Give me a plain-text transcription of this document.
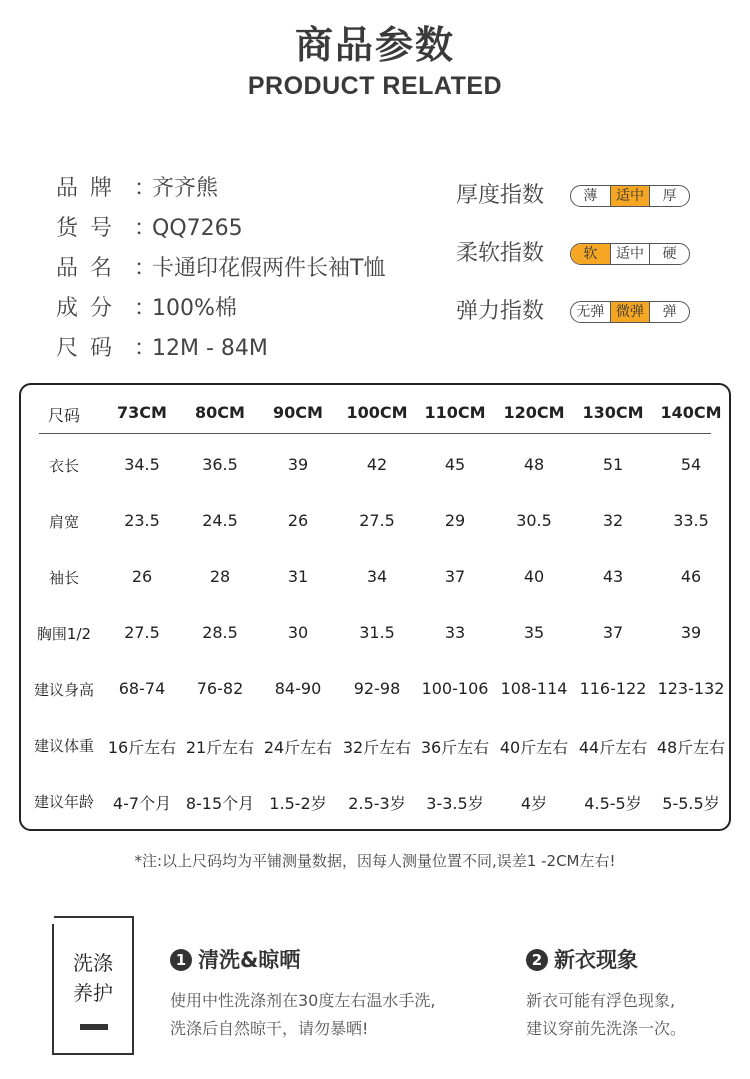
商品参数
PRODUCT RELATED
品牌 ：齐齐熊
货号 ：QQ7265
品名 ：卡通印花假两件长袖T恤
成分 ：100%棉
尺码 ：12M - 84M
厚度指数	薄	适中	厚
柔软指数	软	适中	硬
弹力指数	无弹 微弹	弹
尺码 73CM 80CM 90CM 100CM 110CM 120CM 130CM 140CM
衣长	34.5	36.5	39	42	45	48	51	54
肩宽	23.5	24.5	26	27.5	29	30.5	32	33.5
袖长	26	28	31	34	37	40	43	46
胸围1/2 27.5	28.5	30	31.5	33	35	37	39
建议身高 68-74 76-82 84-90 92-98 100-106 108-114 116-122 123-132
建议体重 16斤左右 21斤左右 24斤左右 32斤左右 36斤左右 40斤左右 44斤左右 48斤左右
建议年龄 4-7个月 8-15个月 1.5-2岁 2.5-3岁 3-3.5岁 4岁 4.5-5岁 5-5.5岁
*注:以上尺码均为平铺测量数据，因每人测量位置不同,误差1 -2CM左右!
洗涤
养护
1 清洗&晾晒
使用中性洗涤剂在30度左右温水手洗,
洗涤后自然晾干，请勿暴晒!
2 新衣现象
新衣可能有浮色现象,
建议穿前先洗涤一次。
